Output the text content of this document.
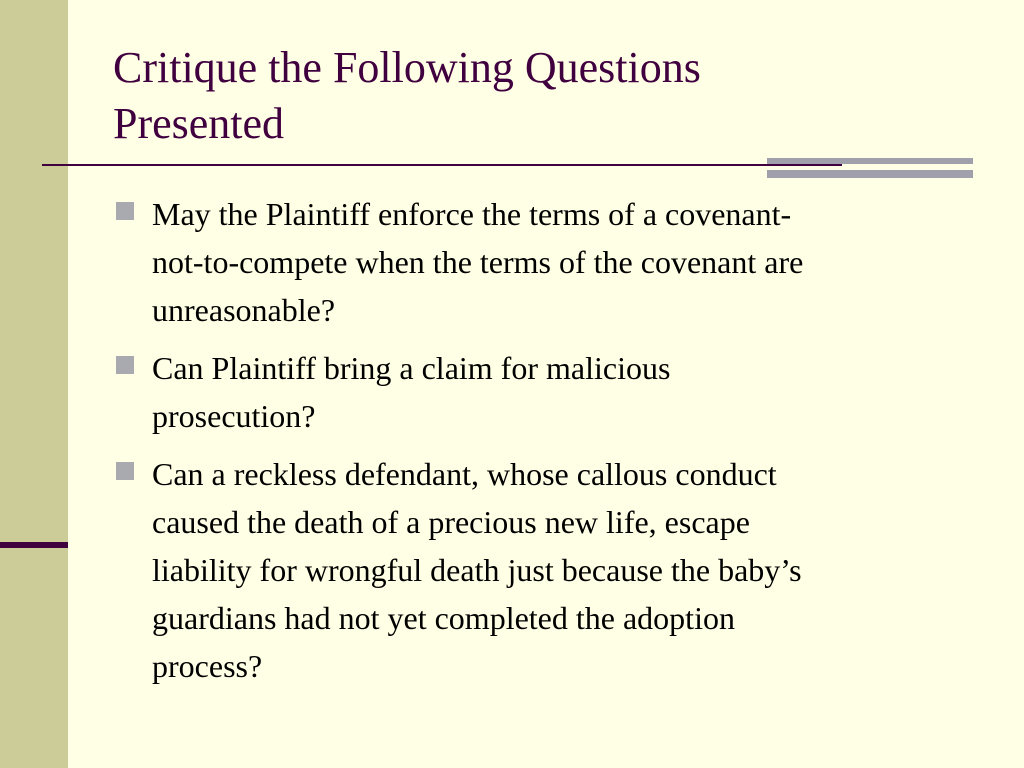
Critique the Following Questions
Presented
May the Plaintiff enforce the terms of a covenant-
not-to-compete when the terms of the covenant are
unreasonable?
Can Plaintiff bring a claim for malicious
prosecution?
Can a reckless defendant, whose callous conduct
caused the death of a precious new life, escape
liability for wrongful death just because the baby’s
guardians had not yet completed the adoption
process?
